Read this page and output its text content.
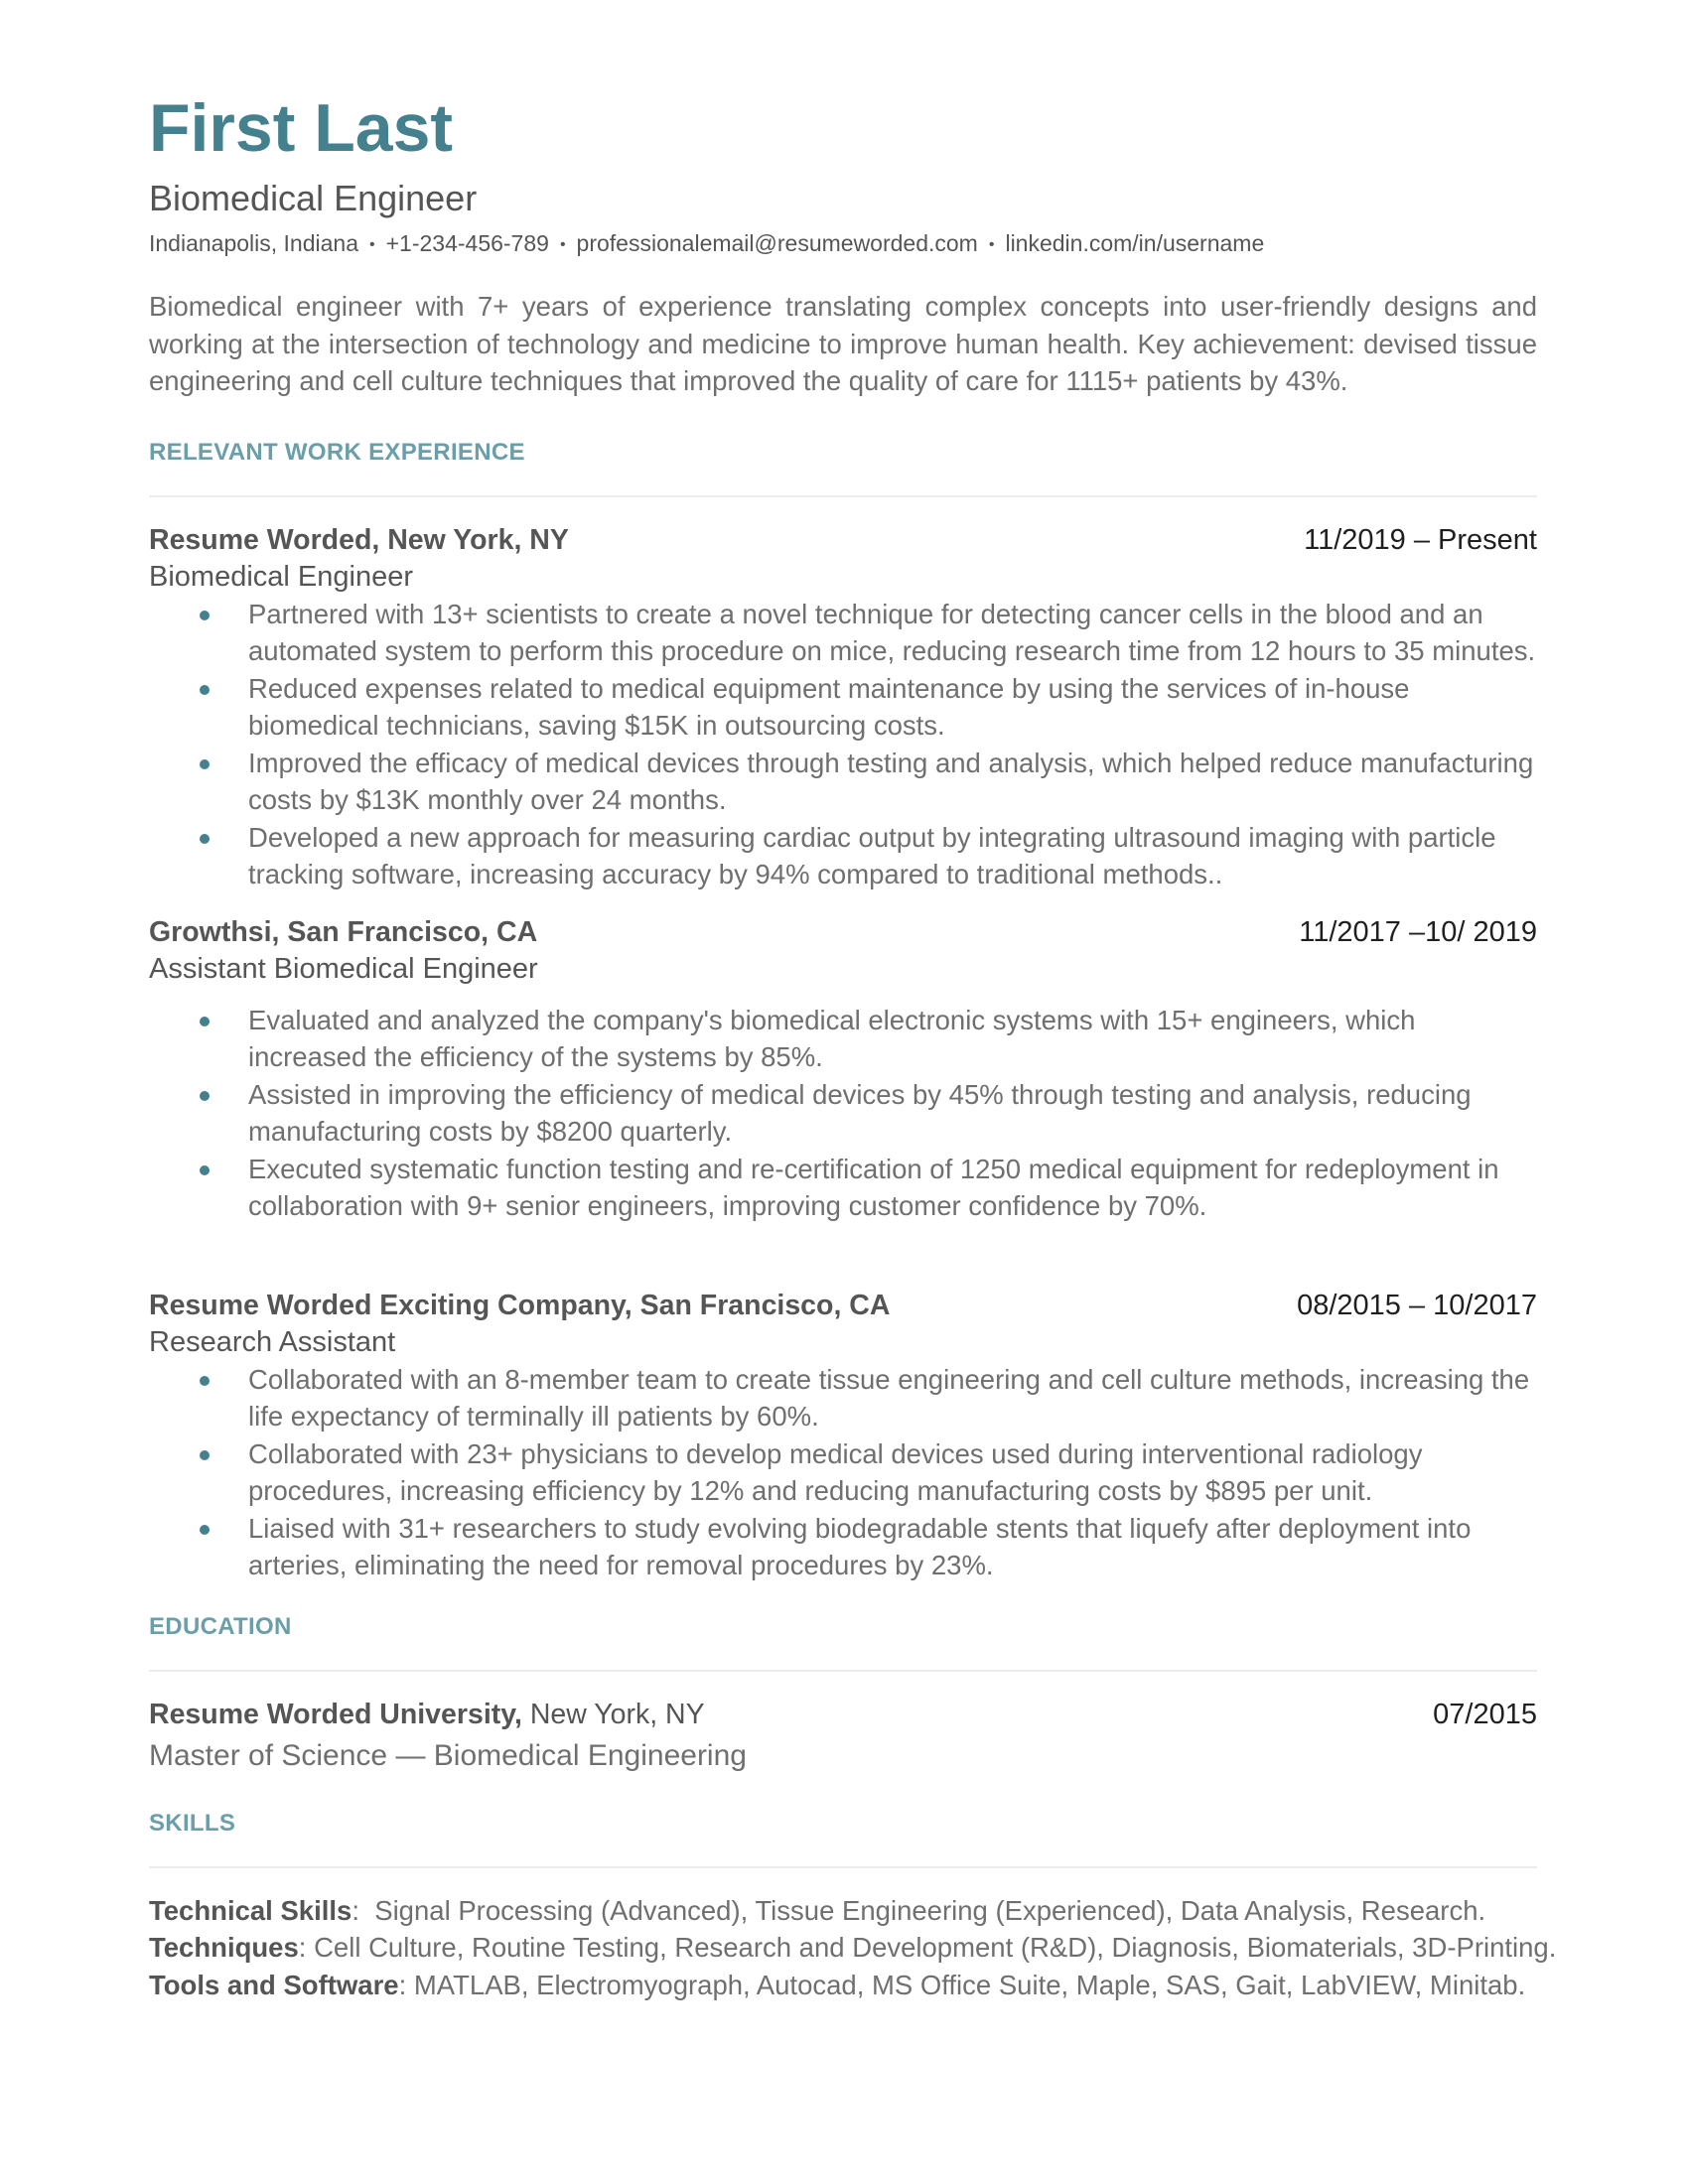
First Last
Biomedical Engineer
Indianapolis, Indiana • +1-234-456-789 • professionalemail@resumeworded.com • linkedin.com/in/username
Biomedical engineer with 7+ years of experience translating complex concepts into user-friendly designs and working at the intersection of technology and medicine to improve human health. Key achievement: devised tissue engineering and cell culture techniques that improved the quality of care for 1115+ patients by 43%.
RELEVANT WORK EXPERIENCE
Resume Worded, New York, NY	11/2019 – Present
Biomedical Engineer
Partnered with 13+ scientists to create a novel technique for detecting cancer cells in the blood and an automated system to perform this procedure on mice, reducing research time from 12 hours to 35 minutes.
Reduced expenses related to medical equipment maintenance by using the services of in-house biomedical technicians, saving $15K in outsourcing costs.
Improved the efficacy of medical devices through testing and analysis, which helped reduce manufacturing costs by $13K monthly over 24 months.
Developed a new approach for measuring cardiac output by integrating ultrasound imaging with particle tracking software, increasing accuracy by 94% compared to traditional methods..
Growthsi, San Francisco, CA	11/2017 –10/ 2019
Assistant Biomedical Engineer
Evaluated and analyzed the company's biomedical electronic systems with 15+ engineers, which increased the efficiency of the systems by 85%.
Assisted in improving the efficiency of medical devices by 45% through testing and analysis, reducing manufacturing costs by $8200 quarterly.
Executed systematic function testing and re-certification of 1250 medical equipment for redeployment in collaboration with 9+ senior engineers, improving customer confidence by 70%.
Resume Worded Exciting Company, San Francisco, CA	08/2015 – 10/2017
Research Assistant
Collaborated with an 8-member team to create tissue engineering and cell culture methods, increasing the life expectancy of terminally ill patients by 60%.
Collaborated with 23+ physicians to develop medical devices used during interventional radiology procedures, increasing efficiency by 12% and reducing manufacturing costs by $895 per unit.
Liaised with 31+ researchers to study evolving biodegradable stents that liquefy after deployment into arteries, eliminating the need for removal procedures by 23%.
EDUCATION
Resume Worded University, New York, NY	07/2015
Master of Science — Biomedical Engineering
SKILLS
Technical Skills:  Signal Processing (Advanced), Tissue Engineering (Experienced), Data Analysis, Research.
Techniques: Cell Culture, Routine Testing, Research and Development (R&D), Diagnosis, Biomaterials, 3D-Printing.
Tools and Software: MATLAB, Electromyograph, Autocad, MS Office Suite, Maple, SAS, Gait, LabVIEW, Minitab.
